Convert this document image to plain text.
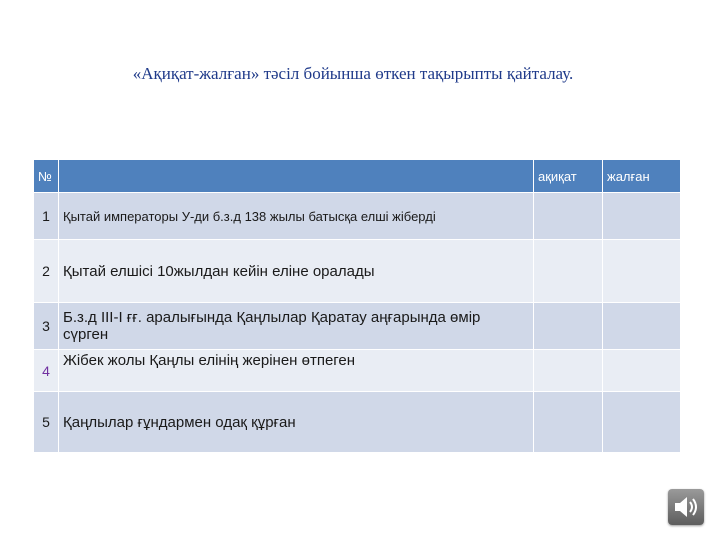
«Ақиқат-жалған» тәсіл бойынша өткен тақырыпты қайталау.
№		ақиқат	жалған
1	Қытай императоры У-ди б.з.д 138 жылы батысқа елші жіберді		
2	Қытай елшісі 10жылдан кейін еліне оралады		
3	Б.з.д ІІІ-І ғғ. аралығында Қаңлылар Қаратау аңғарында өмір сүрген		
4	Жібек жолы Қаңлы елінің жерінен өтпеген		
5	Қаңлылар ғұндармен одақ құрған		
